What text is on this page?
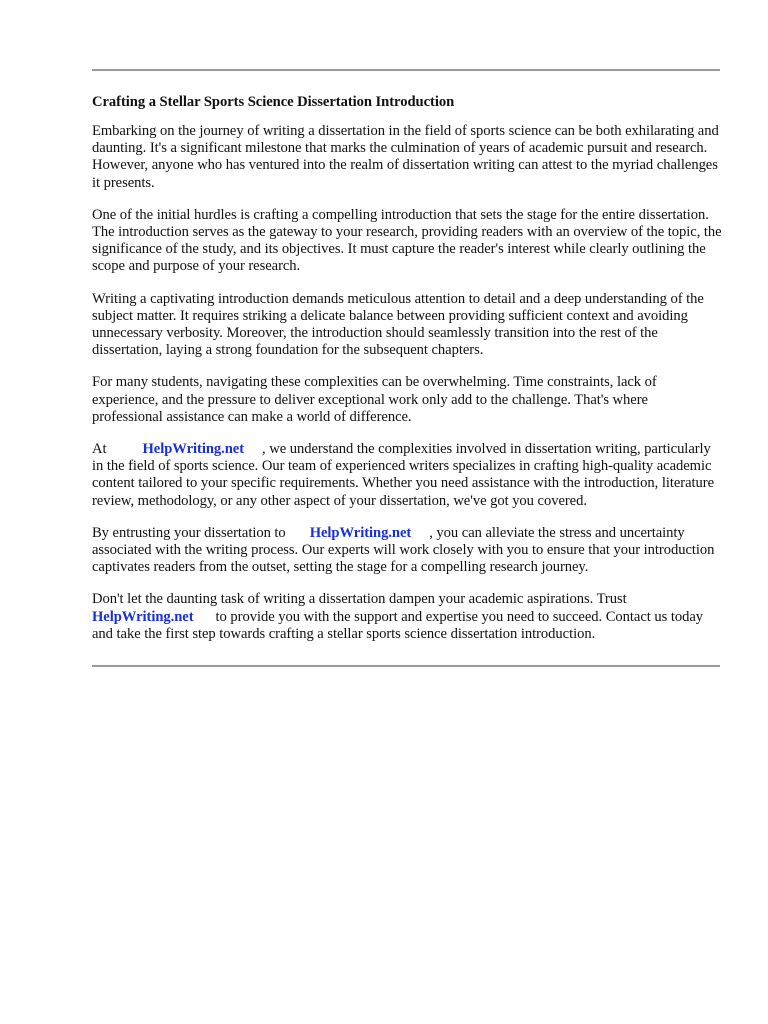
Crafting a Stellar Sports Science Dissertation Introduction

Embarking on the journey of writing a dissertation in the field of sports science can be both exhilarating and daunting. It's a significant milestone that marks the culmination of years of academic pursuit and research. However, anyone who has ventured into the realm of dissertation writing can attest to the myriad challenges it presents.

One of the initial hurdles is crafting a compelling introduction that sets the stage for the entire dissertation. The introduction serves as the gateway to your research, providing readers with an overview of the topic, the significance of the study, and its objectives. It must capture the reader's interest while clearly outlining the scope and purpose of your research.

Writing a captivating introduction demands meticulous attention to detail and a deep understanding of the subject matter. It requires striking a delicate balance between providing sufficient context and avoiding unnecessary verbosity. Moreover, the introduction should seamlessly transition into the rest of the dissertation, laying a strong foundation for the subsequent chapters.

For many students, navigating these complexities can be overwhelming. Time constraints, lack of experience, and the pressure to deliver exceptional work only add to the challenge. That's where professional assistance can make a world of difference.

At HelpWriting.net , we understand the complexities involved in dissertation writing, particularly in the field of sports science. Our team of experienced writers specializes in crafting high-quality academic content tailored to your specific requirements. Whether you need assistance with the introduction, literature review, methodology, or any other aspect of your dissertation, we've got you covered.

By entrusting your dissertation to HelpWriting.net , you can alleviate the stress and uncertainty associated with the writing process. Our experts will work closely with you to ensure that your introduction captivates readers from the outset, setting the stage for a compelling research journey.

Don't let the daunting task of writing a dissertation dampen your academic aspirations. Trust HelpWriting.net to provide you with the support and expertise you need to succeed. Contact us today and take the first step towards crafting a stellar sports science dissertation introduction.
